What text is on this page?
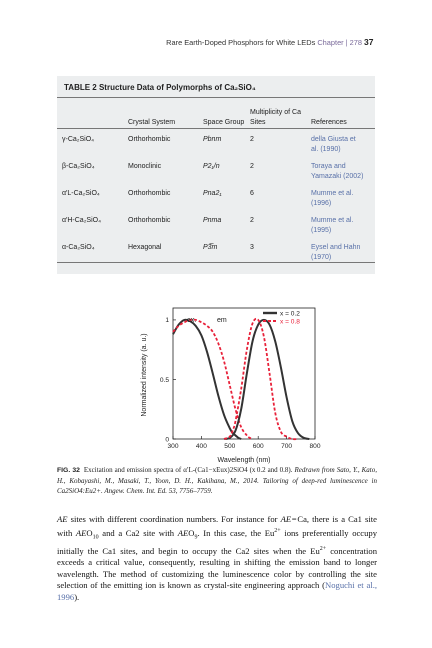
Rare Earth-Doped Phosphors for White LEDs Chapter | 278 37
TABLE 2 Structure Data of Polymorphs of Ca₂SiO₄
	Crystal System	Space Group	Multiplicity of Ca Sites	References
γ-Ca₂SiO₄	Orthorhombic	Pbnm	2	della Giusta et al. (1990)
β-Ca₂SiO₄	Monoclinic	P2₁/n	2	Toraya and Yamazaki (2002)
α′L-Ca₂SiO₄	Orthorhombic	Pna2₁	6	Mumme et al. (1996)
α′H-Ca₂SiO₄	Orthorhombic	Pnma	2	Mumme et al. (1995)
α-Ca₂SiO₄	Hexagonal	P3̅m	3	Eysel and Hahn (1970)
300	400	500	600	700	800
0
0.5
1	ex.	em
x = 0.2
x = 0.8
Wavelength (nm)
Normalized intensity (a. u.)
FIG. 32 Excitation and emission spectra of α′L-(Ca1−xEux)2SiO4 (x 0.2 and 0.8). Redrawn from Sato, Y., Kato, H., Kobayashi, M., Masaki, T., Yoon, D. H., Kakihana, M., 2014. Tailoring of deep-red luminescence in Ca2SiO4:Eu2+. Angew. Chem. Int. Ed. 53, 7756–7759.
AE sites with different coordination numbers. For instance for AE = Ca, there is a Ca1 site with $AEO_{10}$ and a Ca2 site with $AEO_9$. In this case, the $Eu^{2+}$ ions preferentially occupy initially the Ca1 sites, and begin to occupy the Ca2 sites when the $Eu^{2+}$ concentration exceeds a critical value, consequently, resulting in shifting the emission band to longer wavelength. The method of customizing the luminescence color by controlling the site selection of the emitting ion is known as crystal-site engineering approach (Noguchi et al., 1996).
